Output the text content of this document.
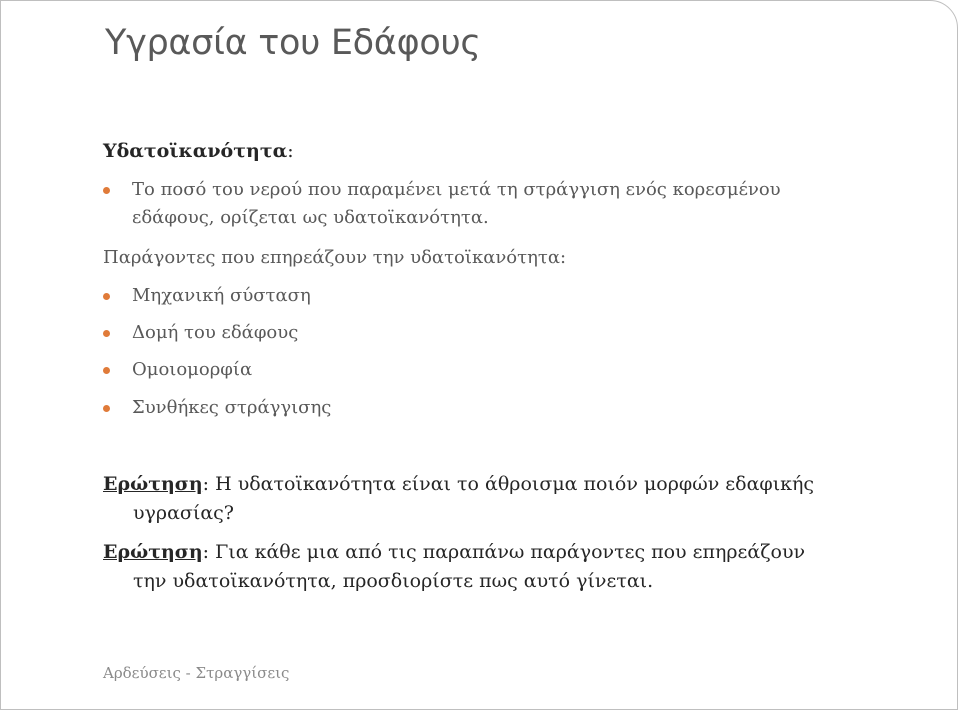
Υγρασία του Εδάφους
Υδατοϊκανότητα:
Το ποσό του νερού που παραμένει μετά τη στράγγιση ενός κορεσμένου
εδάφους, ορίζεται ως υδατοϊκανότητα.
Παράγοντες που επηρεάζουν την υδατοϊκανότητα:
Μηχανική σύσταση
Δομή του εδάφους
Ομοιομορφία
Συνθήκες στράγγισης
Ερώτηση: Η υδατοϊκανότητα είναι το άθροισμα ποιόν μορφών εδαφικής
υγρασίας?
Ερώτηση: Για κάθε μια από τις παραπάνω παράγοντες που επηρεάζουν
την υδατοϊκανότητα, προσδιορίστε πως αυτό γίνεται.
Αρδεύσεις - Στραγγίσεις
